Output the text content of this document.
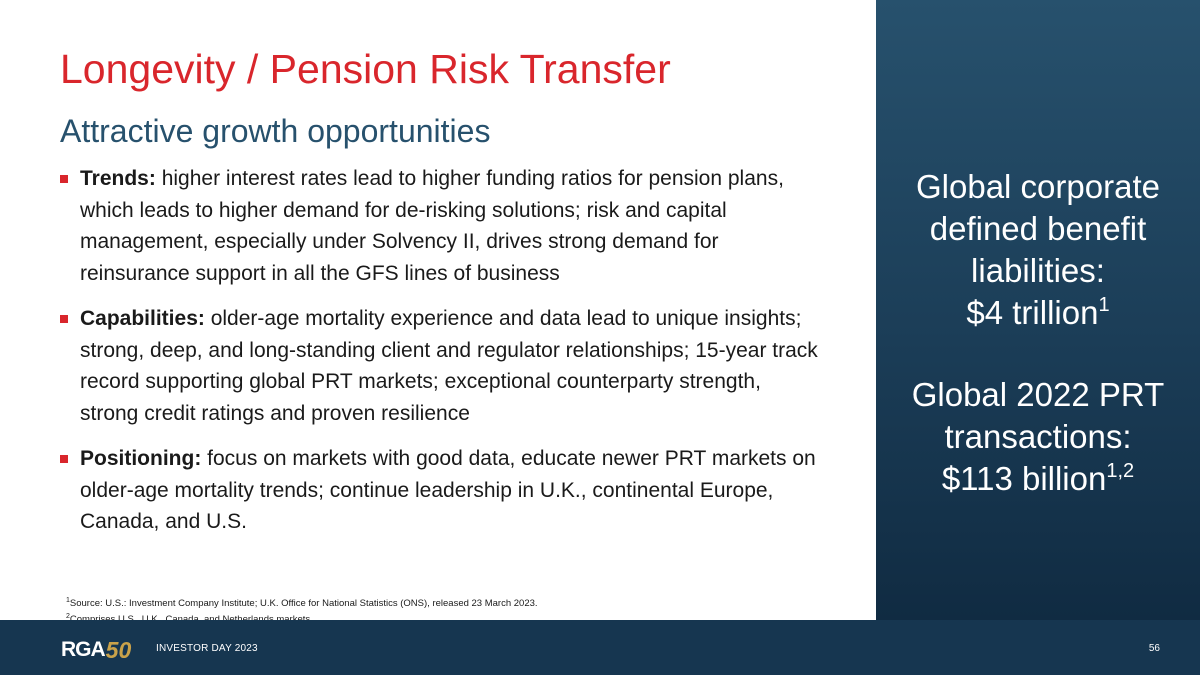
Longevity / Pension Risk Transfer
Attractive growth opportunities
Trends: higher interest rates lead to higher funding ratios for pension plans, which leads to higher demand for de-risking solutions; risk and capital management, especially under Solvency II, drives strong demand for reinsurance support in all the GFS lines of business
Capabilities: older-age mortality experience and data lead to unique insights; strong, deep, and long-standing client and regulator relationships; 15-year track record supporting global PRT markets; exceptional counterparty strength, strong credit ratings and proven resilience
Positioning: focus on markets with good data, educate newer PRT markets on older-age mortality trends; continue leadership in U.K., continental Europe, Canada, and U.S.
$^1$Source: U.S.: Investment Company Institute; U.K. Office for National Statistics (ONS), released 23 March 2023.
$^2$
Global corporate
defined benefit
liabilities:
$4 trillion$^1$
Global 2022 PRT
transactions:
$113 billion$^{1,2}$
RGA 50 INVESTOR DAY 2023	56
